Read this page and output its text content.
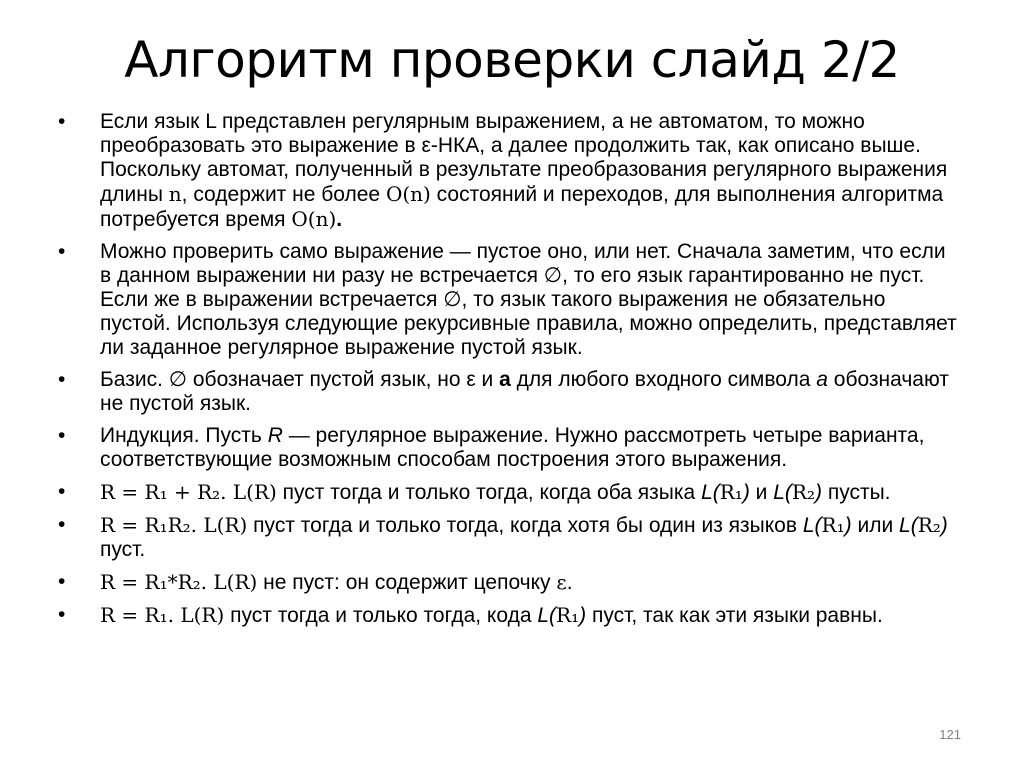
Алгоритм проверки слайд 2/2
•	Если язык L представлен регулярным выражением, а не автоматом, то можно преобразовать это выражение в ε-НКА, а далее продолжить так, как описано выше. Поскольку автомат, полученный в результате преобразования регулярного выражения длины n, содержит не более O(n) состояний и переходов, для выполнения алгоритма потребуется время O(n).
•	Можно проверить само выражение — пустое оно, или нет. Сначала заметим, что если в данном выражении ни разу не встречается ∅, то его язык гарантированно не пуст. Если же в выражении встречается ∅, то язык такого выражения не обязательно пустой. Используя следующие рекурсивные правила, можно определить, представляет ли заданное регулярное выражение пустой язык.
•	Базис. ∅ обозначает пустой язык, но ε и a для любого входного символа a обозначают не пустой язык.
•	Индукция. Пусть R — регулярное выражение. Нужно рассмотреть четыре варианта, соответствующие возможным способам построения этого выражения.
•	R = R₁ + R₂. L(R) пуст тогда и только тогда, когда оба языка L(R₁) и L(R₂) пусты.
•	R = R₁R₂. L(R) пуст тогда и только тогда, когда хотя бы один из языков L(R₁) или L(R₂) пуст.
•	R = R₁*R₂. L(R) не пуст: он содержит цепочку ε.
•	R = R₁. L(R) пуст тогда и только тогда, кода L(R₁) пуст, так как эти языки равны.
121
